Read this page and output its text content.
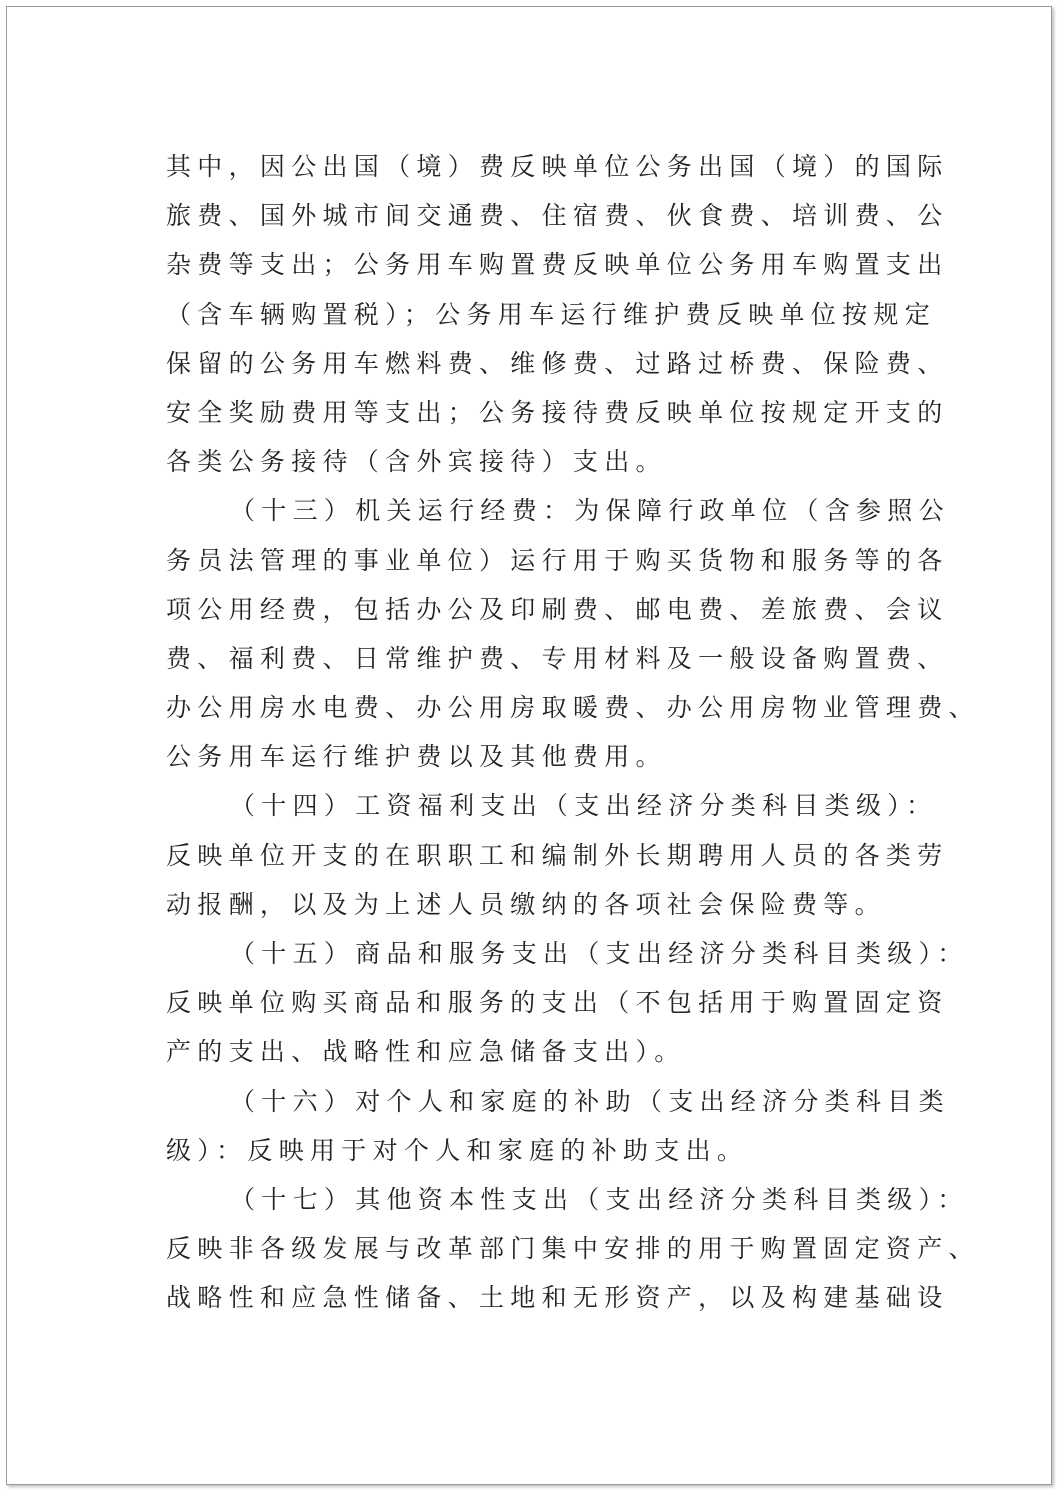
其中，因公出国（境）费反映单位公务出国（境）的国际
旅费、国外城市间交通费、住宿费、伙食费、培训费、公
杂费等支出；公务用车购置费反映单位公务用车购置支出
（含车辆购置税）；公务用车运行维护费反映单位按规定
保留的公务用车燃料费、维修费、过路过桥费、保险费、
安全奖励费用等支出；公务接待费反映单位按规定开支的
各类公务接待（含外宾接待）支出。
（十三）机关运行经费：为保障行政单位（含参照公
务员法管理的事业单位）运行用于购买货物和服务等的各
项公用经费，包括办公及印刷费、邮电费、差旅费、会议
费、福利费、日常维护费、专用材料及一般设备购置费、
办公用房水电费、办公用房取暖费、办公用房物业管理费、
公务用车运行维护费以及其他费用。
（十四）工资福利支出（支出经济分类科目类级）：
反映单位开支的在职职工和编制外长期聘用人员的各类劳
动报酬，以及为上述人员缴纳的各项社会保险费等。
（十五）商品和服务支出（支出经济分类科目类级）：
反映单位购买商品和服务的支出（不包括用于购置固定资
产的支出、战略性和应急储备支出）。
（十六）对个人和家庭的补助（支出经济分类科目类
级）：反映用于对个人和家庭的补助支出。
（十七）其他资本性支出（支出经济分类科目类级）：
反映非各级发展与改革部门集中安排的用于购置固定资产、
战略性和应急性储备、土地和无形资产，以及构建基础设
